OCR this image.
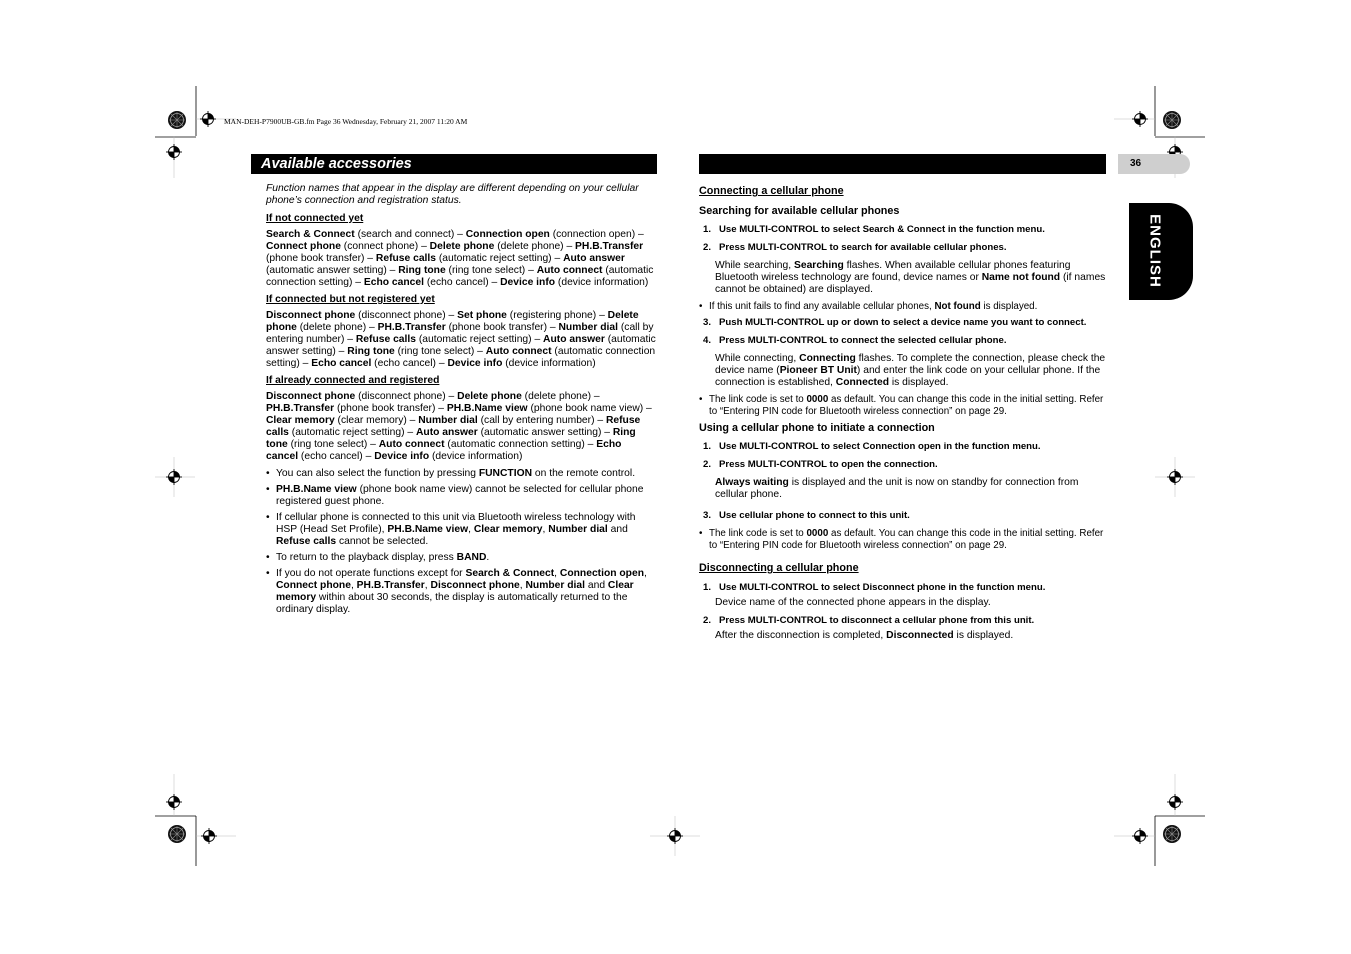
MAN-DEH-P7900UB-GB.fm Page 36 Wednesday, February 21, 2007 11:20 AM
Available accessories	36
ENGLISH

Function names that appear in the display are different depending on your cellular phone’s connection and registration status.

If not connected yet

Search & Connect (search and connect) – Connection open (connection open) – Connect phone (connect phone) – Delete phone (delete phone) – PH.B.Transfer (phone book transfer) – Refuse calls (automatic reject setting) – Auto answer (automatic answer setting) – Ring tone (ring tone select) – Auto connect (automatic connection setting) – Echo cancel (echo cancel) – Device info (device information)

If connected but not registered yet

Disconnect phone (disconnect phone) – Set phone (registering phone) – Delete phone (delete phone) – PH.B.Transfer (phone book transfer) – Number dial (call by entering number) – Refuse calls (automatic reject setting) – Auto answer (automatic answer setting) – Ring tone (ring tone select) – Auto connect (automatic connection setting) – Echo cancel (echo cancel) – Device info (device information)

If already connected and registered

Disconnect phone (disconnect phone) – Delete phone (delete phone) – PH.B.Transfer (phone book transfer) – PH.B.Name view (phone book name view) – Clear memory (clear memory) – Number dial (call by entering number) – Refuse calls (automatic reject setting) – Auto answer (automatic answer setting) – Ring tone (ring tone select) – Auto connect (automatic connection setting) – Echo cancel (echo cancel) – Device info (device information)

• You can also select the function by pressing FUNCTION on the remote control.
• PH.B.Name view (phone book name view) cannot be selected for cellular phone registered guest phone.
• If cellular phone is connected to this unit via Bluetooth wireless technology with HSP (Head Set Profile), PH.B.Name view, Clear memory, Number dial and Refuse calls cannot be selected.
• To return to the playback display, press BAND.
• If you do not operate functions except for Search & Connect, Connection open, Connect phone, PH.B.Transfer, Disconnect phone, Number dial and Clear memory within about 30 seconds, the display is automatically returned to the ordinary display.

Connecting a cellular phone

Searching for available cellular phones

1. Use MULTI-CONTROL to select Search & Connect in the function menu.
2. Press MULTI-CONTROL to search for available cellular phones.

While searching, Searching flashes. When available cellular phones featuring Bluetooth wireless technology are found, device names or Name not found (if names cannot be obtained) are displayed.

• If this unit fails to find any available cellular phones, Not found is displayed.
3. Push MULTI-CONTROL up or down to select a device name you want to connect.
4. Press MULTI-CONTROL to connect the selected cellular phone.

While connecting, Connecting flashes. To complete the connection, please check the device name (Pioneer BT Unit) and enter the link code on your cellular phone. If the connection is established, Connected is displayed.

• The link code is set to 0000 as default. You can change this code in the initial setting. Refer to “Entering PIN code for Bluetooth wireless connection” on page 29.

Using a cellular phone to initiate a connection

1. Use MULTI-CONTROL to select Connection open in the function menu.
2. Press MULTI-CONTROL to open the connection.

Always waiting is displayed and the unit is now on standby for connection from cellular phone.

3. Use cellular phone to connect to this unit.
• The link code is set to 0000 as default. You can change this code in the initial setting. Refer to “Entering PIN code for Bluetooth wireless connection” on page 29.

Disconnecting a cellular phone

1. Use MULTI-CONTROL to select Disconnect phone in the function menu.

Device name of the connected phone appears in the display.

2. Press MULTI-CONTROL to disconnect a cellular phone from this unit.

After the disconnection is completed, Disconnected is displayed.
